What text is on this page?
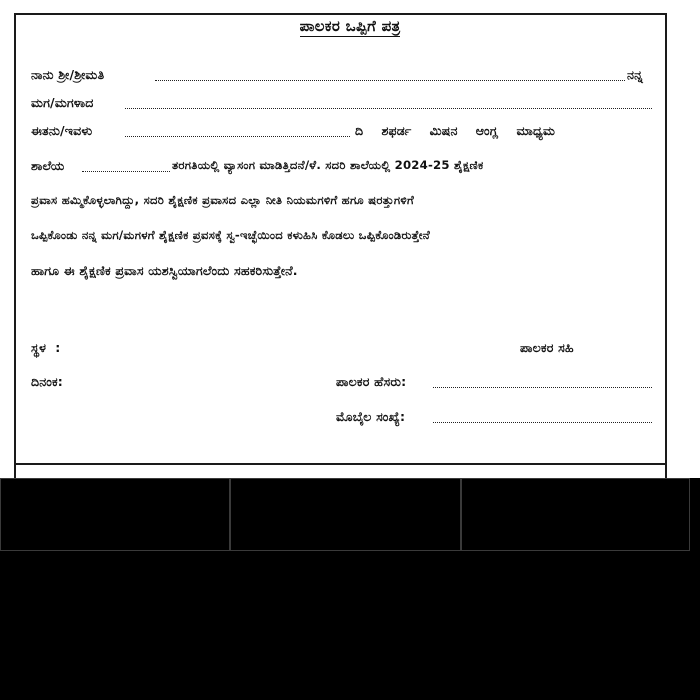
ಪಾಲಕರ ಒಪ್ಪಿಗೆ ಪತ್ರ
ನಾನು ಶ್ರೀ/ಶ್ರೀಮತಿ	ನನ್ನ
ಮಗ/ಮಗಳಾದ
ಈತನು/ಇವಳು	ದಿ    ಶಫರ್ಡ    ಮಿಷನ    ಆಂಗ್ಲ    ಮಾಧ್ಯಮ
ಶಾಲೆಯ	ತರಗತಿಯಲ್ಲಿ ವ್ಯಾಸಂಗ ಮಾಡಿತ್ತಿದನೆ/ಳೆ. ಸದರಿ ಶಾಲೆಯಲ್ಲಿ 2024-25 ಶೈಕ್ಷಣಿಕ
ಪ್ರವಾಸ ಹಮ್ಮಿಕೊಳ್ಳಲಾಗಿದ್ದು, ಸದರಿ ಶೈಕ್ಷಣಿಕ ಪ್ರವಾಸದ ಎಲ್ಲಾ ನೀತಿ ನಿಯಮಗಳಿಗೆ ಹಗೂ ಷರತ್ತುಗಳಿಗೆ
ಒಪ್ಪಿಕೊಂಡು ನನ್ನ ಮಗ/ಮಗಳಗೆ ಶೈಕ್ಷಣಿಕ ಪ್ರವಸಕ್ಕೆ ಸ್ವ-ಇಚ್ಛೆಯಿಂದ ಕಳುಹಿಸಿ ಕೊಡಲು ಒಪ್ಪಿಕೊಂಡಿರುತ್ತೇನೆ
ಹಾಗೂ ಈ ಶೈಕ್ಷಣಿಕ ಪ್ರವಾಸ ಯಶಸ್ವಿಯಾಗಲೆಂದು ಸಹಕರಿಸುತ್ತೇನೆ.
ಸ್ಥಳ  :	ಪಾಲಕರ ಸಹಿ
ದಿನಂಕ:	ಪಾಲಕರ ಹೆಸರು:
ಮೊಬೈಲ ಸಂಖ್ಯೆ:
